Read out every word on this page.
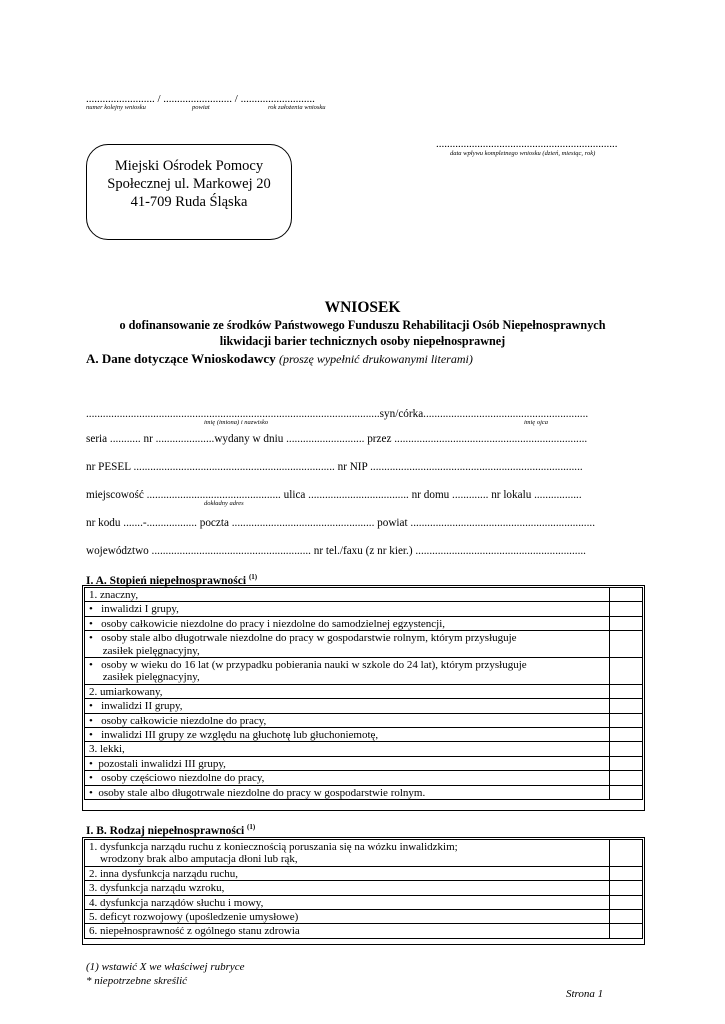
......................... / ......................... / ...........................
numer kolejny wniosku	powiat	rok założenia wniosku
..................................................................
data wpływu kompletnego wniosku (dzień, miesiąc, rok)
Miejski Ośrodek Pomocy
Społecznej ul. Markowej 20
41-709 Ruda Śląska
WNIOSEK
o dofinansowanie ze środków Państwowego Funduszu Rehabilitacji Osób Niepełnosprawnych
likwidacji barier technicznych osoby niepełnosprawnej
A. Dane dotyczące Wnioskodawcy (proszę wypełnić drukowanymi literami)
.........................................................................................................syn/córka...........................................................
imię (imiona) i nazwisko	imię ojca
seria ........... nr .....................wydany w dniu ............................ przez .....................................................................
nr PESEL ........................................................................ nr NIP ............................................................................
miejscowość ................................................ ulica .................................... nr domu ............. nr lokalu .................
dokładny adres
nr kodu .......-.................. poczta ................................................... powiat ..................................................................
województwo ......................................................... nr tel./faxu (z nr kier.) .............................................................
I. A. Stopień niepełnosprawności $^{(1)}$
1. znaczny,	
•   inwalidzi I grupy,	
•   osoby całkowicie niezdolne do pracy i niezdolne do samodzielnej egzystencji,	
•   osoby stale albo długotrwale niezdolne do pracy w gospodarstwie rolnym, którym przysługuje
zasiłek pielęgnacyjny,	
•   osoby w wieku do 16 lat (w przypadku pobierania nauki w szkole do 24 lat), którym przysługuje
zasiłek pielęgnacyjny,	
2. umiarkowany,	
•   inwalidzi II grupy,	
•   osoby całkowicie niezdolne do pracy,	
•   inwalidzi III grupy ze względu na głuchotę lub głuchoniemotę,	
3. lekki,	
•  pozostali inwalidzi III grupy,	
•   osoby częściowo niezdolne do pracy,	
•  osoby stale albo długotrwale niezdolne do pracy w gospodarstwie rolnym.	
I. B. Rodzaj niepełnosprawności $^{(1)}$
1. dysfunkcja narządu ruchu z koniecznością poruszania się na wózku inwalidzkim;
wrodzony brak albo amputacja dłoni lub rąk,	
2. inna dysfunkcja narządu ruchu,	
3. dysfunkcja narządu wzroku,	
4. dysfunkcja narządów słuchu i mowy,	
5. deficyt rozwojowy (upośledzenie umysłowe)	
6. niepełnosprawność z ogólnego stanu zdrowia	
(1) wstawić X we właściwej rubryce
* niepotrzebne skreślić
Strona 1
